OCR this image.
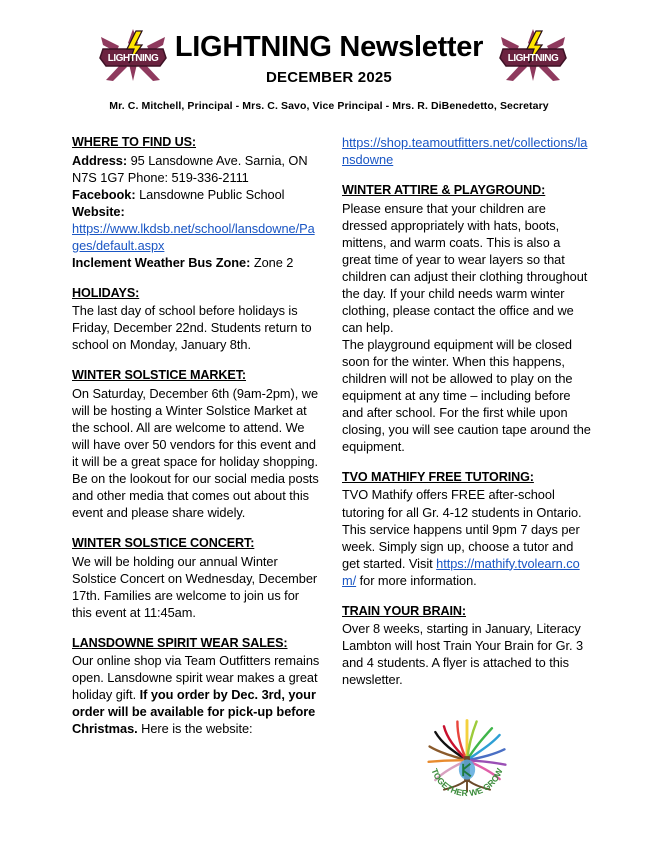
LIGHTNING	LIGHTNING
LIGHTNING Newsletter
DECEMBER 2025
Mr. C. Mitchell, Principal - Mrs. C. Savo, Vice Principal - Mrs. R. DiBenedetto, Secretary
WHERE TO FIND US:

Address: 95 Lansdowne Ave. Sarnia, ON N7S 1G7 Phone: 519-336-2111

Facebook: Lansdowne Public School

Website:

https://www.lkdsb.net/school/lansdowne/Pages/default.aspx

Inclement Weather Bus Zone: Zone 2

HOLIDAYS:

The last day of school before holidays is Friday, December 22nd. Students return to school on Monday, January 8th.

WINTER SOLSTICE MARKET:

On Saturday, December 6th (9am-2pm), we will be hosting a Winter Solstice Market at the school. All are welcome to attend. We will have over 50 vendors for this event and it will be a great space for holiday shopping. Be on the lookout for our social media posts and other media that comes out about this event and please share widely.

WINTER SOLSTICE CONCERT:

We will be holding our annual Winter Solstice Concert on Wednesday, December 17th. Families are welcome to join us for this event at 11:45am.

LANSDOWNE SPIRIT WEAR SALES:

Our online shop via Team Outfitters remains open. Lansdowne spirit wear makes a great holiday gift. If you order by Dec. 3rd, your order will be available for pick-up before Christmas. Here is the website:

https://shop.teamoutfitters.net/collections/lansdowne

WINTER ATTIRE & PLAYGROUND:

Please ensure that your children are dressed appropriately with hats, boots, mittens, and warm coats. This is also a great time of year to wear layers so that children can adjust their clothing throughout the day. If your child needs warm winter clothing, please contact the office and we can help.

The playground equipment will be closed soon for the winter. When this happens, children will not be allowed to play on the equipment at any time – including before and after school. For the first while upon closing, you will see caution tape around the equipment.

TVO MATHIFY FREE TUTORING:

TVO Mathify offers FREE after-school tutoring for all Gr. 4-12 students in Ontario. This service happens until 9pm 7 days per week. Simply sign up, choose a tutor and get started. Visit https://mathify.tvolearn.com/ for more information.

TRAIN YOUR BRAIN:

Over 8 weeks, starting in January, Literacy Lambton will host Train Your Brain for Gr. 3 and 4 students. A flyer is attached to this newsletter.

TOGETHER WE GROW
